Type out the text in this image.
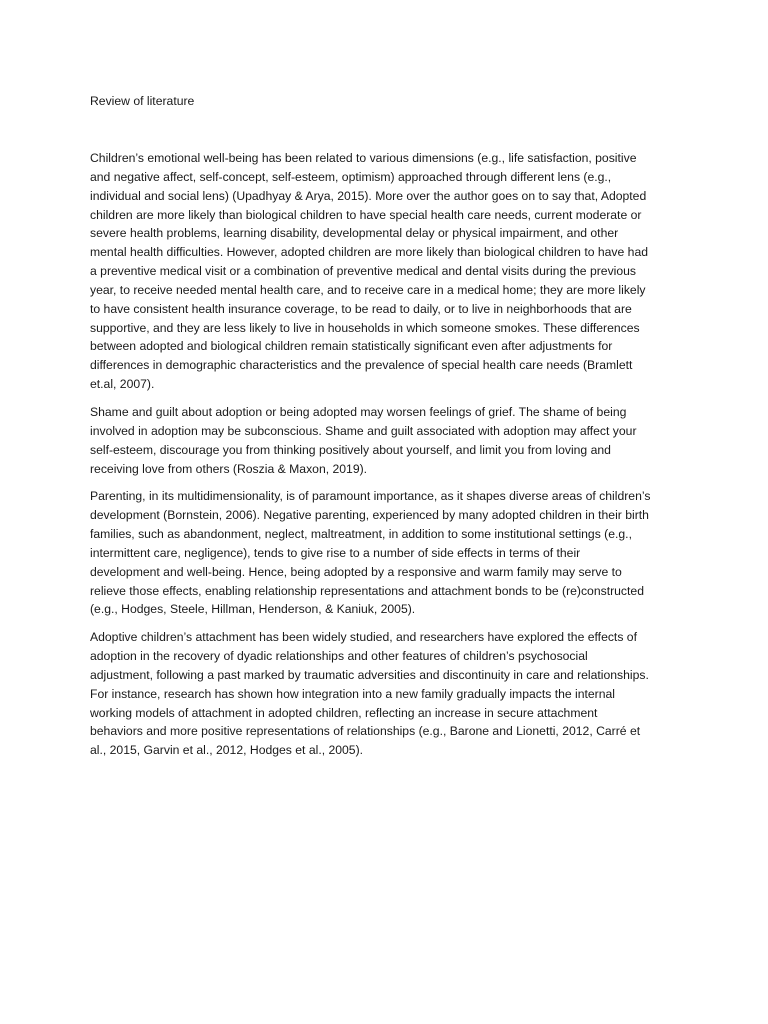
Review of literature

Children’s emotional well-being has been related to various dimensions (e.g., life satisfaction, positive
and negative affect, self-concept, self-esteem, optimism) approached through different lens (e.g.,
individual and social lens) (Upadhyay & Arya, 2015). More over the author goes on to say that, Adopted
children are more likely than biological children to have special health care needs, current moderate or
severe health problems, learning disability, developmental delay or physical impairment, and other
mental health difficulties. However, adopted children are more likely than biological children to have had
a preventive medical visit or a combination of preventive medical and dental visits during the previous
year, to receive needed mental health care, and to receive care in a medical home; they are more likely
to have consistent health insurance coverage, to be read to daily, or to live in neighborhoods that are
supportive, and they are less likely to live in households in which someone smokes. These differences
between adopted and biological children remain statistically significant even after adjustments for
differences in demographic characteristics and the prevalence of special health care needs (Bramlett
et.al, 2007).

Shame and guilt about adoption or being adopted may worsen feelings of grief. The shame of being
involved in adoption may be subconscious. Shame and guilt associated with adoption may affect your
self-esteem, discourage you from thinking positively about yourself, and limit you from loving and
receiving love from others (Roszia & Maxon, 2019).

Parenting, in its multidimensionality, is of paramount importance, as it shapes diverse areas of children’s
development (Bornstein, 2006). Negative parenting, experienced by many adopted children in their birth
families, such as abandonment, neglect, maltreatment, in addition to some institutional settings (e.g.,
intermittent care, negligence), tends to give rise to a number of side effects in terms of their
development and well-being. Hence, being adopted by a responsive and warm family may serve to
relieve those effects, enabling relationship representations and attachment bonds to be (re)constructed
(e.g., Hodges, Steele, Hillman, Henderson, & Kaniuk, 2005).

Adoptive children’s attachment has been widely studied, and researchers have explored the effects of
adoption in the recovery of dyadic relationships and other features of children’s psychosocial
adjustment, following a past marked by traumatic adversities and discontinuity in care and relationships.
For instance, research has shown how integration into a new family gradually impacts the internal
working models of attachment in adopted children, reflecting an increase in secure attachment
behaviors and more positive representations of relationships (e.g., Barone and Lionetti, 2012, Carré et
al., 2015, Garvin et al., 2012, Hodges et al., 2005).
